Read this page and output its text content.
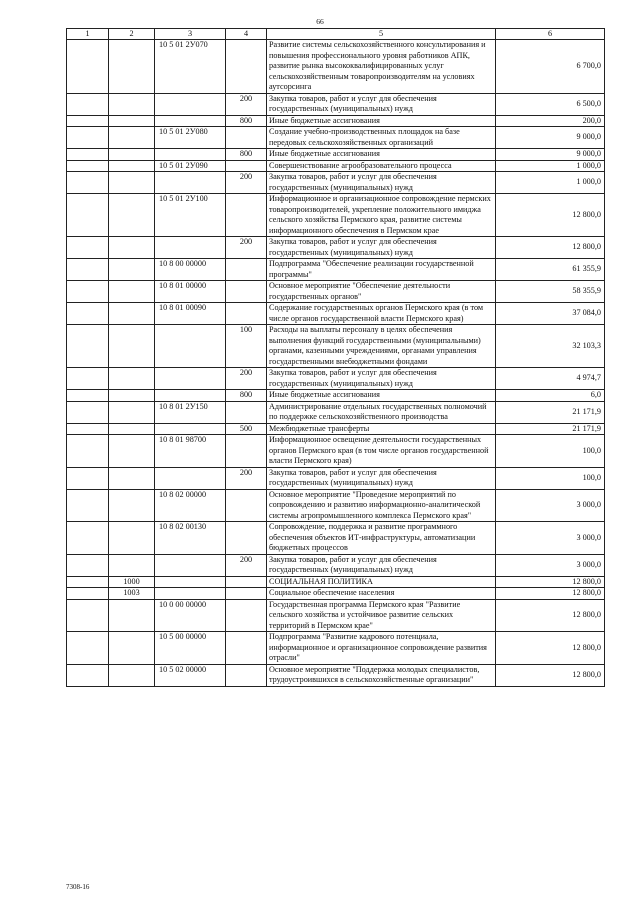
66
1	2	3	4	5	6
		10 5 01 2У070		Развитие системы сельскохозяйственного консультирования и повышения профессионального уровня работников АПК, развитие рынка высококвалифицированных услуг сельскохозяйственным товаропроизводителям на условиях аутсорсинга	6 700,0
			200	Закупка товаров, работ и услуг для обеспечения государственных (муниципальных) нужд	6 500,0
			800	Иные бюджетные ассигнования	200,0
		10 5 01 2У080		Создание учебно-производственных площадок на базе передовых сельскохозяйственных организаций	9 000,0
			800	Иные бюджетные ассигнования	9 000,0
		10 5 01 2У090		Совершенствование агрообразовательного процесса	1 000,0
			200	Закупка товаров, работ и услуг для обеспечения государственных (муниципальных) нужд	1 000,0
		10 5 01 2У100		Информационное и организационное сопровождение пермских товаропроизводителей, укрепление положительного имиджа сельского хозяйства Пермского края, развитие системы информационного обеспечения в Пермском крае	12 800,0
			200	Закупка товаров, работ и услуг для обеспечения государственных (муниципальных) нужд	12 800,0
		10 8 00 00000		Подпрограмма "Обеспечение реализации государственной программы"	61 355,9
		10 8 01 00000		Основное мероприятие "Обеспечение деятельности государственных органов"	58 355,9
		10 8 01 00090		Содержание государственных органов Пермского края (в том числе органов государственной власти Пермского края)	37 084,0
			100	Расходы на выплаты персоналу в целях обеспечения выполнения функций государственными (муниципальными) органами, казенными учреждениями, органами управления государственными внебюджетными фондами	32 103,3
			200	Закупка товаров, работ и услуг для обеспечения государственных (муниципальных) нужд	4 974,7
			800	Иные бюджетные ассигнования	6,0
		10 8 01 2У150		Администрирование отдельных государственных полномочий по поддержке сельскохозяйственного производства	21 171,9
			500	Межбюджетные трансферты	21 171,9
		10 8 01 98700		Информационное освещение деятельности государственных органов Пермского края (в том числе органов государственной власти Пермского края)	100,0
			200	Закупка товаров, работ и услуг для обеспечения государственных (муниципальных) нужд	100,0
		10 8 02 00000		Основное мероприятие "Проведение мероприятий по сопровождению и развитию информационно-аналитической системы агропромышленного комплекса Пермского края"	3 000,0
		10 8 02 00130		Сопровождение, поддержка и развитие программного обеспечения объектов ИТ-инфраструктуры, автоматизации бюджетных процессов	3 000,0
			200	Закупка товаров, работ и услуг для обеспечения государственных (муниципальных) нужд	3 000,0
	1000			СОЦИАЛЬНАЯ ПОЛИТИКА	12 800,0
	1003			Социальное обеспечение населения	12 800,0
		10 0 00 00000		Государственная программа Пермского края "Развитие сельского хозяйства и устойчивое развитие сельских территорий в Пермском крае"	12 800,0
		10 5 00 00000		Подпрограмма "Развитие кадрового потенциала, информационное и организационное сопровождение развития отрасли"	12 800,0
		10 5 02 00000		Основное мероприятие "Поддержка молодых специалистов, трудоустроившихся в сельскохозяйственные организации"	12 800,0
7308-16
